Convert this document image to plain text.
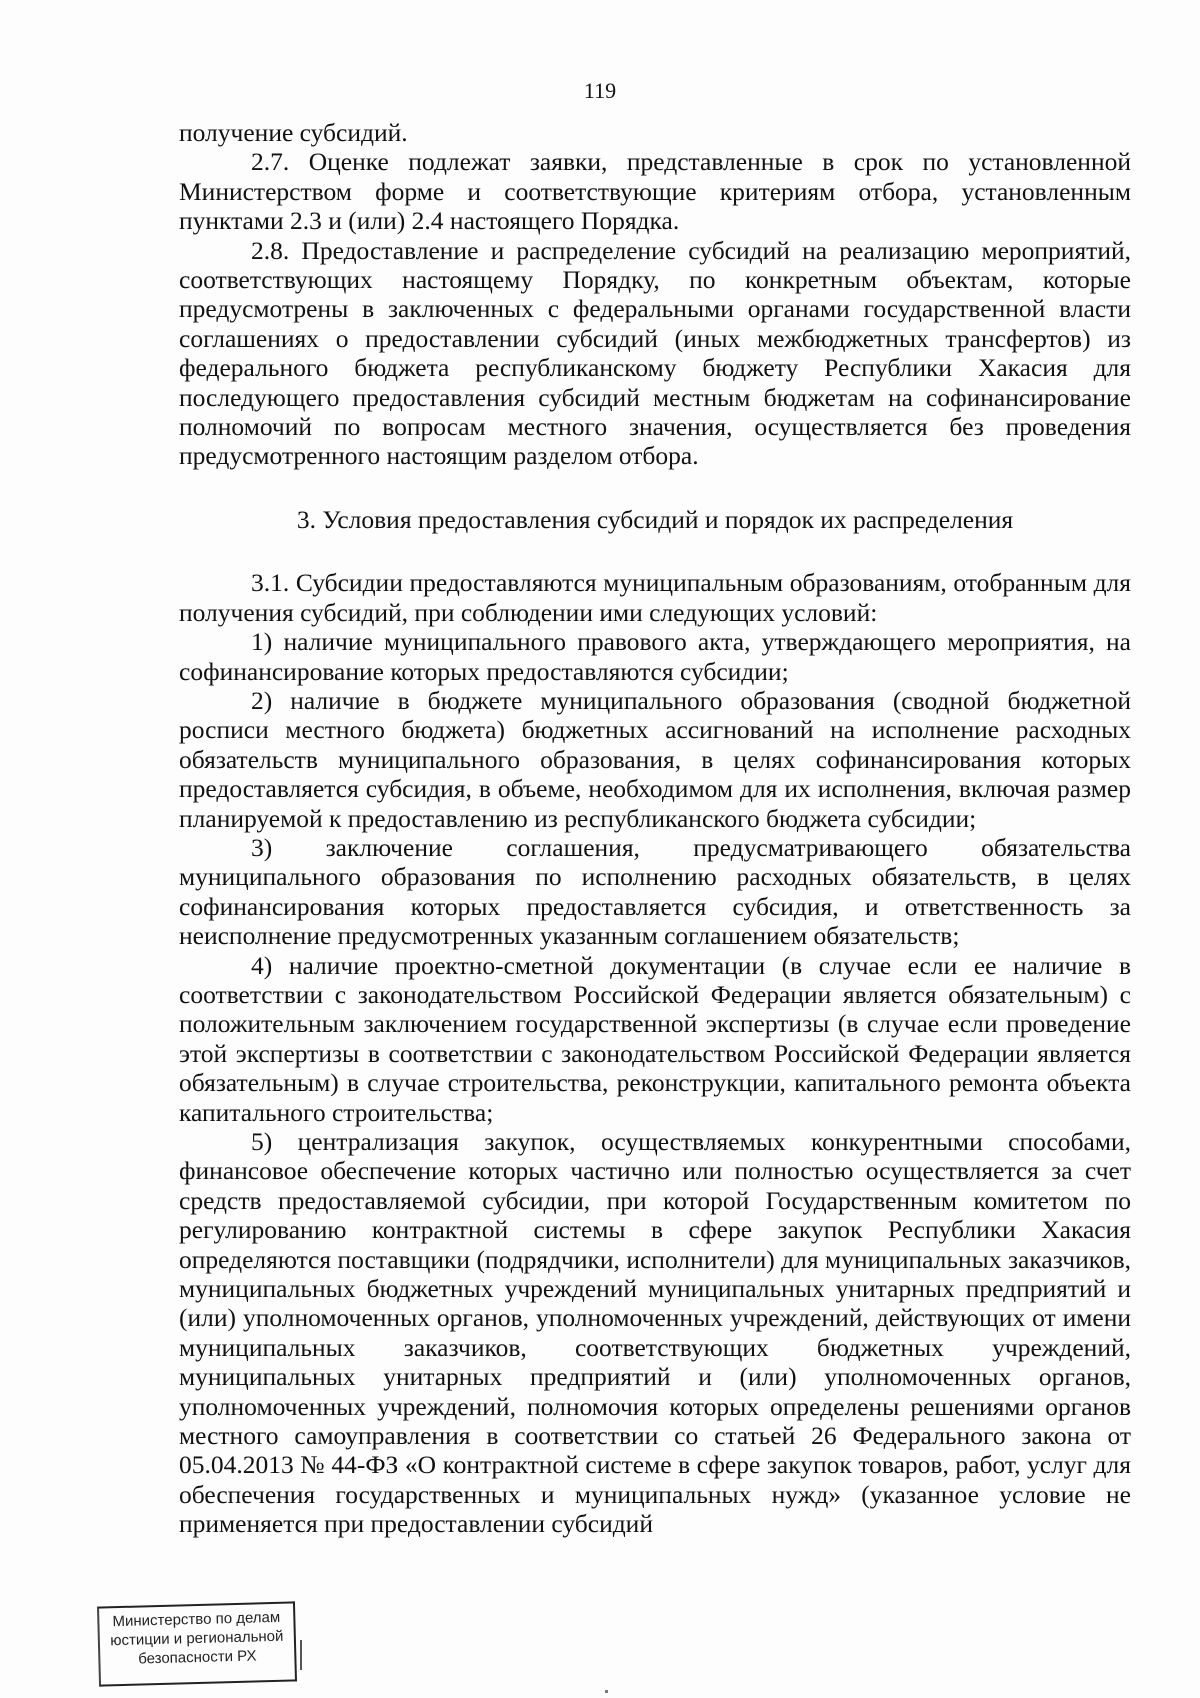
119

получение субсидий.

2.7. Оценке подлежат заявки, представленные в срок по установленной Министерством форме и соответствующие критериям отбора, установленным пунктами 2.3 и (или) 2.4 настоящего Порядка.

2.8. Предоставление и распределение субсидий на реализацию мероприятий, соответствующих настоящему Порядку, по конкретным объектам, которые предусмотрены в заключенных с федеральными органами государственной власти соглашениях о предоставлении субсидий (иных межбюджетных трансфертов) из федерального бюджета республиканскому бюджету Республики Хакасия для последующего предоставления субсидий местным бюджетам на софинансирование полномочий по вопросам местного значения, осуществляется без проведения предусмотренного настоящим разделом отбора.

3. Условия предоставления субсидий и порядок их распределения

3.1. Субсидии предоставляются муниципальным образованиям, отобранным для получения субсидий, при соблюдении ими следующих условий:

1) наличие муниципального правового акта, утверждающего мероприятия, на софинансирование которых предоставляются субсидии;

2) наличие в бюджете муниципального образования (сводной бюджетной росписи местного бюджета) бюджетных ассигнований на исполнение расходных обязательств муниципального образования, в целях софинансирования которых предоставляется субсидия, в объеме, необходимом для их исполнения, включая размер планируемой к предоставлению из республиканского бюджета субсидии;

3) заключение соглашения, предусматривающего обязательства муниципального образования по исполнению расходных обязательств, в целях софинансирования которых предоставляется субсидия, и ответственность за неисполнение предусмотренных указанным соглашением обязательств;

4) наличие проектно-сметной документации (в случае если ее наличие в соответствии с законодательством Российской Федерации является обязательным) с положительным заключением государственной экспертизы (в случае если проведение этой экспертизы в соответствии с законодательством Российской Федерации является обязательным) в случае строительства, реконструкции, капитального ремонта объекта капитального строительства;

5) централизация закупок, осуществляемых конкурентными способами, финансовое обеспечение которых частично или полностью осуществляется за счет средств предоставляемой субсидии, при которой Государственным комитетом по регулированию контрактной системы в сфере закупок Республики Хакасия определяются поставщики (подрядчики, исполнители) для муниципальных заказчиков, муниципальных бюджетных учреждений муниципальных унитарных предприятий и (или) уполномоченных органов, уполномоченных учреждений, действующих от имени муниципальных заказчиков, соответствующих бюджетных учреждений, муниципальных унитарных предприятий и (или) уполномоченных органов, уполномоченных учреждений, полномочия которых определены решениями органов местного самоуправления в соответствии со статьей 26 Федерального закона от 05.04.2013 № 44-ФЗ «О контрактной системе в сфере закупок товаров, работ, услуг для обеспечения государственных и муниципальных нужд» (указанное условие не применяется при предоставлении субсидий

Министерство по делам
юстиции и региональной
безопасности РХ
